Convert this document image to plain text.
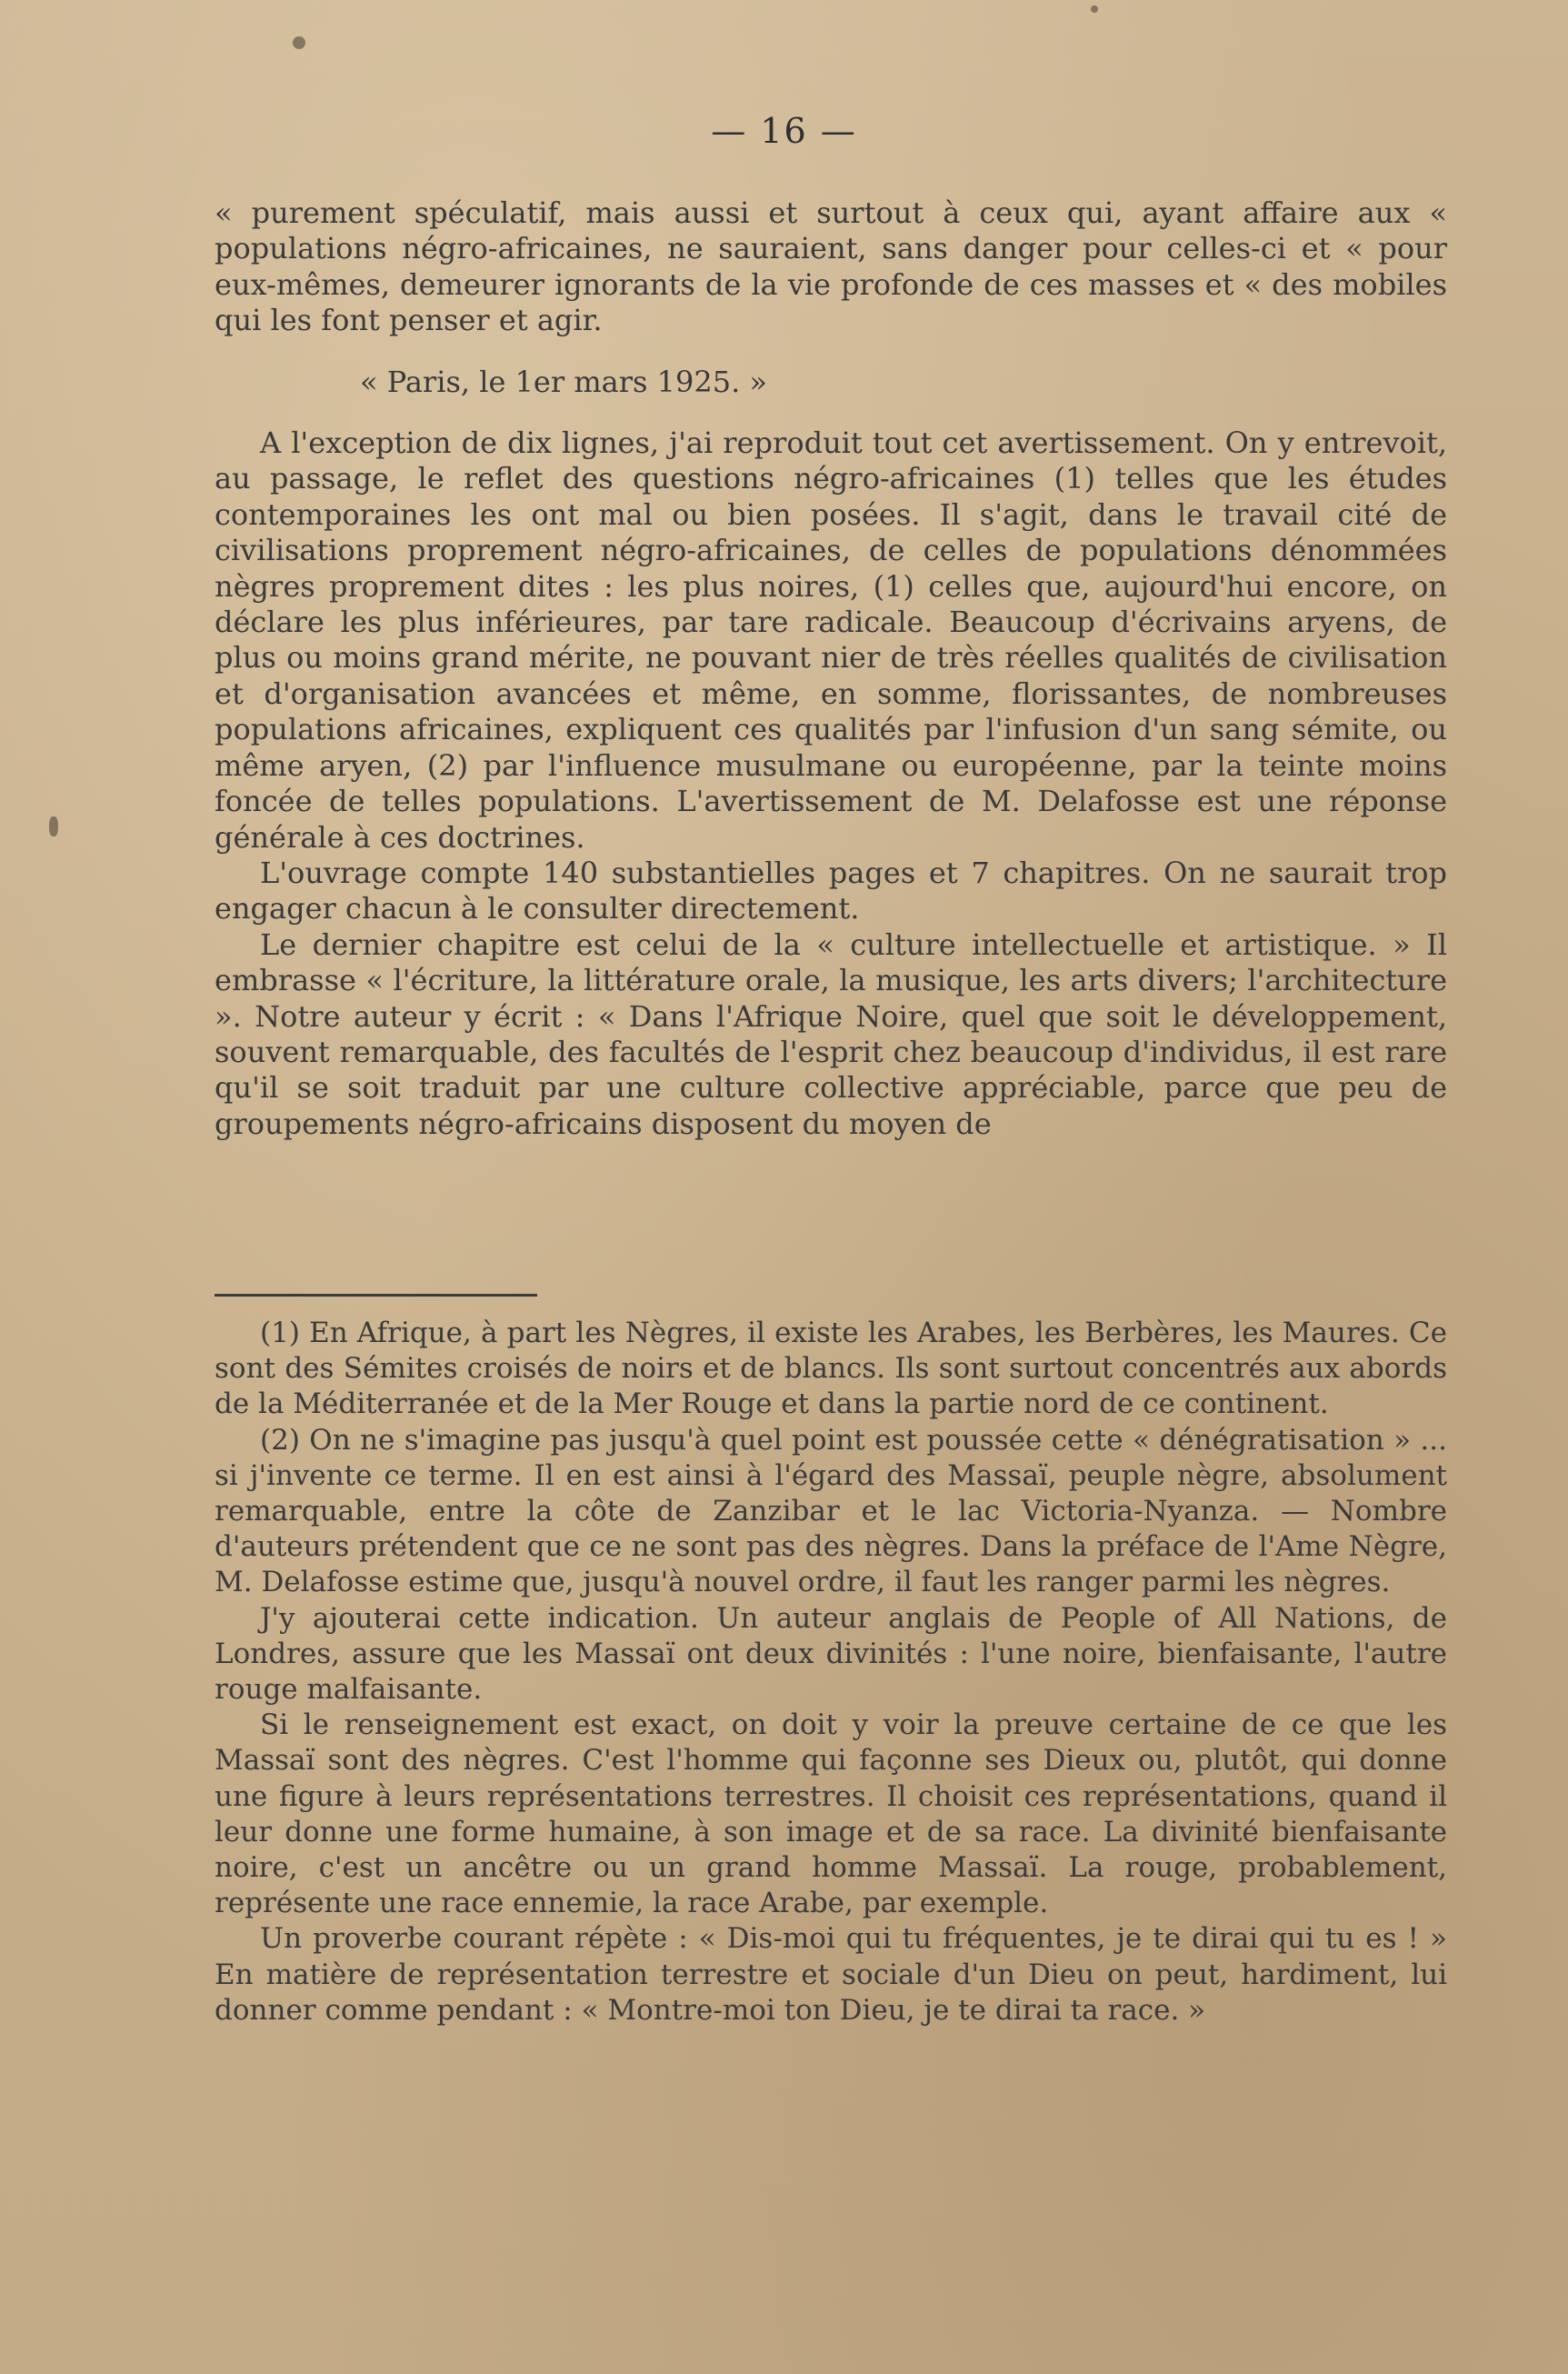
— 16 —

« purement spéculatif, mais aussi et surtout à ceux qui, ayant affaire aux « populations négro-africaines, ne sauraient, sans danger pour celles-ci et « pour eux-mêmes, demeurer ignorants de la vie profonde de ces masses et « des mobiles qui les font penser et agir.

« Paris, le 1er mars 1925. »

A l'exception de dix lignes, j'ai reproduit tout cet avertissement. On y entrevoit, au passage, le reflet des questions négro-africaines (1) telles que les études contemporaines les ont mal ou bien posées. Il s'agit, dans le travail cité de civilisations proprement négro-africaines, de celles de populations dénommées nègres proprement dites : les plus noires, (1) celles que, aujourd'hui encore, on déclare les plus inférieures, par tare radicale. Beaucoup d'écrivains aryens, de plus ou moins grand mérite, ne pouvant nier de très réelles qualités de civilisation et d'organisation avancées et même, en somme, florissantes, de nombreuses populations africaines, expliquent ces qualités par l'infusion d'un sang sémite, ou même aryen, (2) par l'influence musulmane ou européenne, par la teinte moins foncée de telles populations. L'avertissement de M. Delafosse est une réponse générale à ces doctrines.

L'ouvrage compte 140 substantielles pages et 7 chapitres. On ne saurait trop engager chacun à le consulter directement.

Le dernier chapitre est celui de la « culture intellectuelle et artistique. » Il embrasse « l'écriture, la littérature orale, la musique, les arts divers; l'architecture ». Notre auteur y écrit : « Dans l'Afrique Noire, quel que soit le développement, souvent remarquable, des facultés de l'esprit chez beaucoup d'individus, il est rare qu'il se soit traduit par une culture collective appréciable, parce que peu de groupements négro-africains disposent du moyen de

(1) En Afrique, à part les Nègres, il existe les Arabes, les Berbères, les Maures. Ce sont des Sémites croisés de noirs et de blancs. Ils sont surtout concentrés aux abords de la Méditerranée et de la Mer Rouge et dans la partie nord de ce continent.

(2) On ne s'imagine pas jusqu'à quel point est poussée cette « dénégratisation » ... si j'invente ce terme. Il en est ainsi à l'égard des Massaï, peuple nègre, absolument remarquable, entre la côte de Zanzibar et le lac Victoria-Nyanza. — Nombre d'auteurs prétendent que ce ne sont pas des nègres. Dans la préface de l'Ame Nègre, M. Delafosse estime que, jusqu'à nouvel ordre, il faut les ranger parmi les nègres.

J'y ajouterai cette indication. Un auteur anglais de People of All Nations, de Londres, assure que les Massaï ont deux divinités : l'une noire, bienfaisante, l'autre rouge malfaisante.

Si le renseignement est exact, on doit y voir la preuve certaine de ce que les Massaï sont des nègres. C'est l'homme qui façonne ses Dieux ou, plutôt, qui donne une figure à leurs représentations terrestres. Il choisit ces représentations, quand il leur donne une forme humaine, à son image et de sa race. La divinité bienfaisante noire, c'est un ancêtre ou un grand homme Massaï. La rouge, probablement, représente une race ennemie, la race Arabe, par exemple.

Un proverbe courant répète : « Dis-moi qui tu fréquentes, je te dirai qui tu es ! » En matière de représentation terrestre et sociale d'un Dieu on peut, hardiment, lui donner comme pendant : « Montre-moi ton Dieu, je te dirai ta race. »
